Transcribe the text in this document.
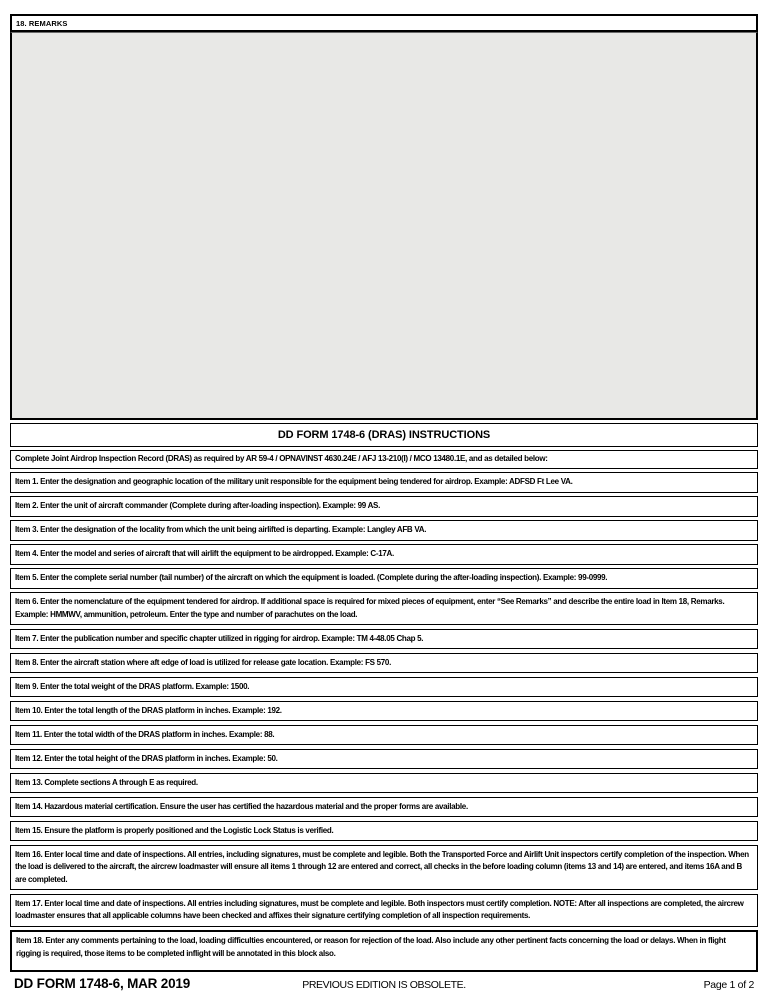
18. REMARKS
DD FORM 1748-6 (DRAS) INSTRUCTIONS
Complete Joint Airdrop Inspection Record (DRAS) as required by AR 59-4 / OPNAVINST 4630.24E / AFJ 13-210(I) / MCO 13480.1E, and as detailed below:
Item 1. Enter the designation and geographic location of the military unit responsible for the equipment being tendered for airdrop. Example: ADFSD Ft Lee VA.
Item 2. Enter the unit of aircraft commander (Complete during after-loading inspection). Example: 99 AS.
Item 3. Enter the designation of the locality from which the unit being airlifted is departing. Example: Langley AFB VA.
Item 4. Enter the model and series of aircraft that will airlift the equipment to be airdropped. Example: C-17A.
Item 5. Enter the complete serial number (tail number) of the aircraft on which the equipment is loaded. (Complete during the after-loading inspection). Example: 99-0999.
Item 6. Enter the nomenclature of the equipment tendered for airdrop. If additional space is required for mixed pieces of equipment, enter “See Remarks” and describe the entire load in Item 18, Remarks. Example: HMMWV, ammunition, petroleum. Enter the type and number of parachutes on the load.
Item 7. Enter the publication number and specific chapter utilized in rigging for airdrop. Example: TM 4-48.05 Chap 5.
Item 8. Enter the aircraft station where aft edge of load is utilized for release gate location. Example: FS 570.
Item 9. Enter the total weight of the DRAS platform. Example: 1500.
Item 10. Enter the total length of the DRAS platform in inches. Example: 192.
Item 11. Enter the total width of the DRAS platform in inches. Example: 88.
Item 12. Enter the total height of the DRAS platform in inches. Example: 50.
Item 13. Complete sections A through E as required.
Item 14. Hazardous material certification. Ensure the user has certified the hazardous material and the proper forms are available.
Item 15. Ensure the platform is properly positioned and the Logistic Lock Status is verified.
Item 16. Enter local time and date of inspections. All entries, including signatures, must be complete and legible. Both the Transported Force and Airlift Unit inspectors certify completion of the inspection. When the load is delivered to the aircraft, the aircrew loadmaster will ensure all items 1 through 12 are entered and correct, all checks in the before loading column (items 13 and 14) are entered, and items 16A and B are completed.
Item 17. Enter local time and date of inspections. All entries including signatures, must be complete and legible. Both inspectors must certify completion. NOTE: After all inspections are completed, the aircrew loadmaster ensures that all applicable columns have been checked and affixes their signature certifying completion of all inspection requirements.
Item 18. Enter any comments pertaining to the load, loading difficulties encountered, or reason for rejection of the load. Also include any other pertinent facts concerning the load or delays. When in flight rigging is required, those items to be completed inflight will be annotated in this block also.
DD FORM 1748-6, MAR 2019	PREVIOUS EDITION IS OBSOLETE.	Page 1 of 2
